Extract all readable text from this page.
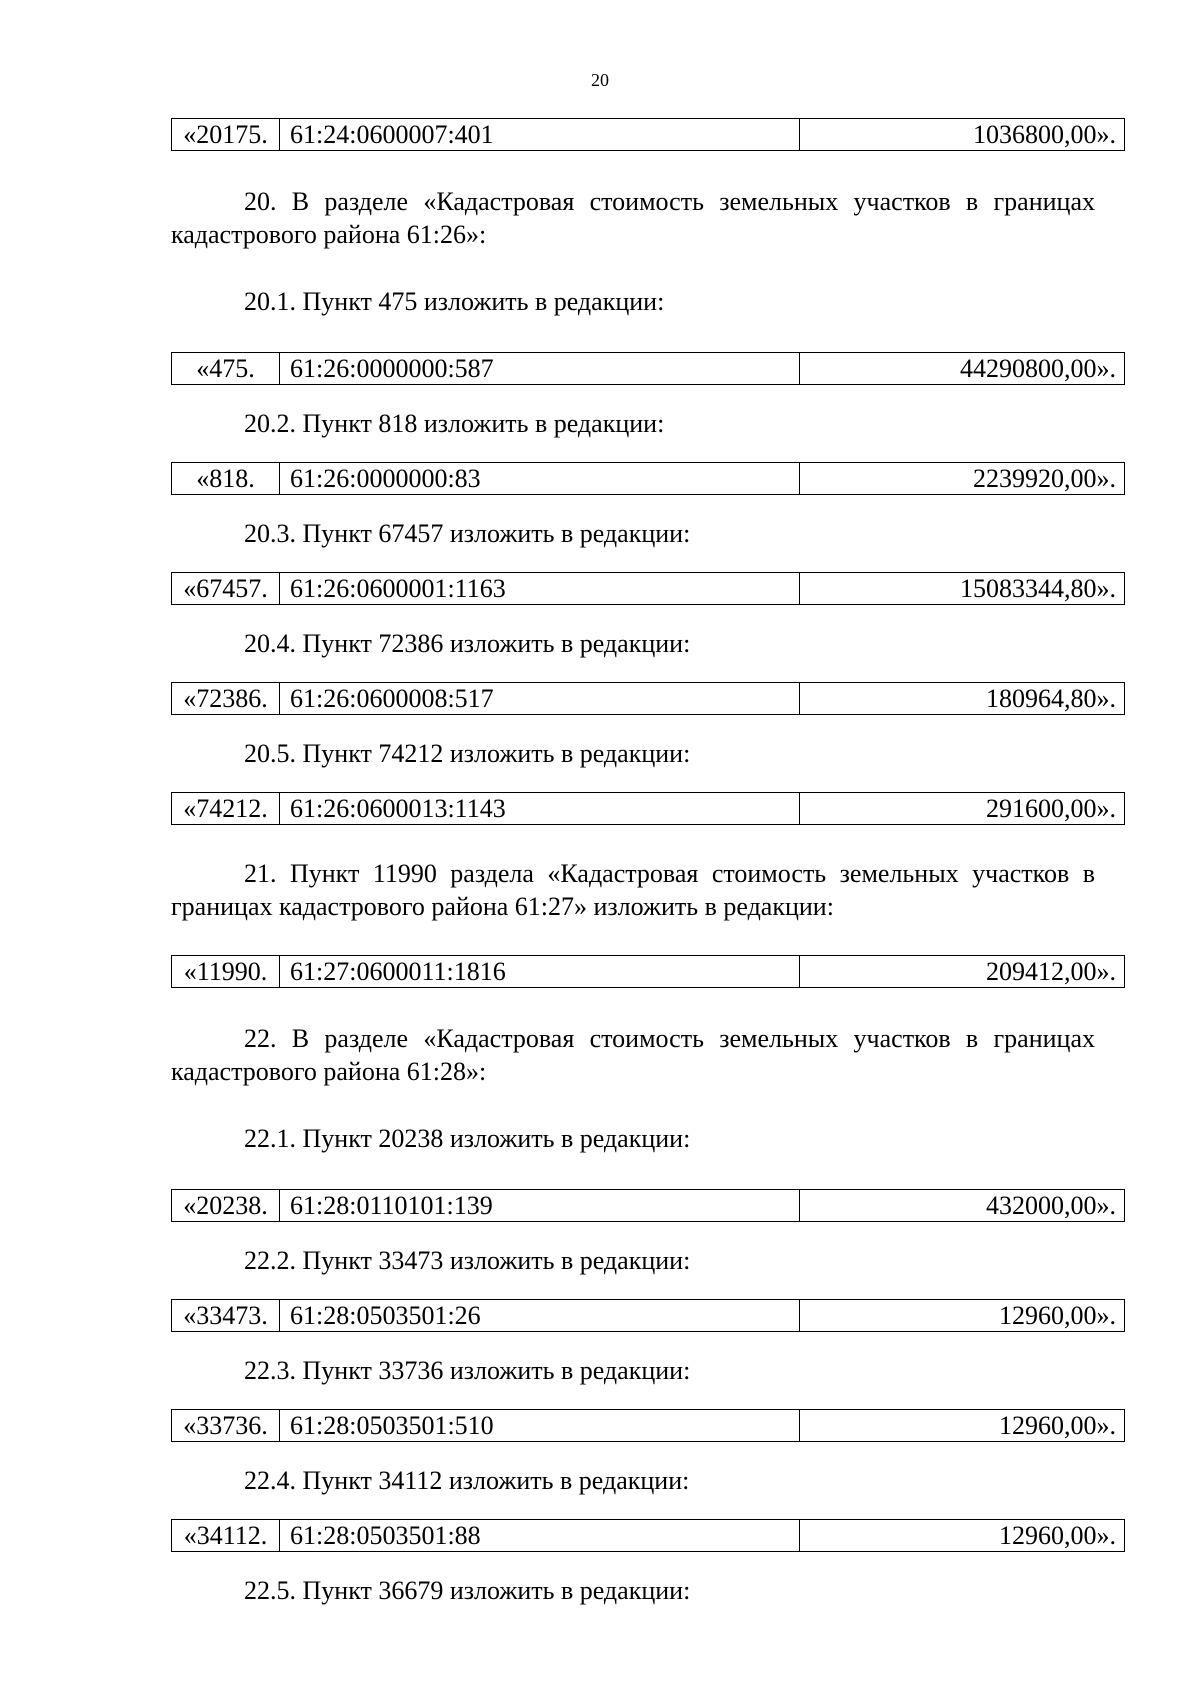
20
«20175.	61:24:0600007:401	1036800,00».
20. В разделе «Кадастровая стоимость земельных участков в границах кадастрового района 61:26»:
20.1. Пункт 475 изложить в редакции:
«475.	61:26:0000000:587	44290800,00».
20.2. Пункт 818 изложить в редакции:
«818.	61:26:0000000:83	2239920,00».
20.3. Пункт 67457 изложить в редакции:
«67457.	61:26:0600001:1163	15083344,80».
20.4. Пункт 72386 изложить в редакции:
«72386.	61:26:0600008:517	180964,80».
20.5. Пункт 74212 изложить в редакции:
«74212.	61:26:0600013:1143	291600,00».
21. Пункт 11990 раздела «Кадастровая стоимость земельных участков в границах кадастрового района 61:27» изложить в редакции:
«11990.	61:27:0600011:1816	209412,00».
22. В разделе «Кадастровая стоимость земельных участков в границах кадастрового района 61:28»:
22.1. Пункт 20238 изложить в редакции:
«20238.	61:28:0110101:139	432000,00».
22.2. Пункт 33473 изложить в редакции:
«33473.	61:28:0503501:26	12960,00».
22.3. Пункт 33736 изложить в редакции:
«33736.	61:28:0503501:510	12960,00».
22.4. Пункт 34112 изложить в редакции:
«34112.	61:28:0503501:88	12960,00».
22.5. Пункт 36679 изложить в редакции:
